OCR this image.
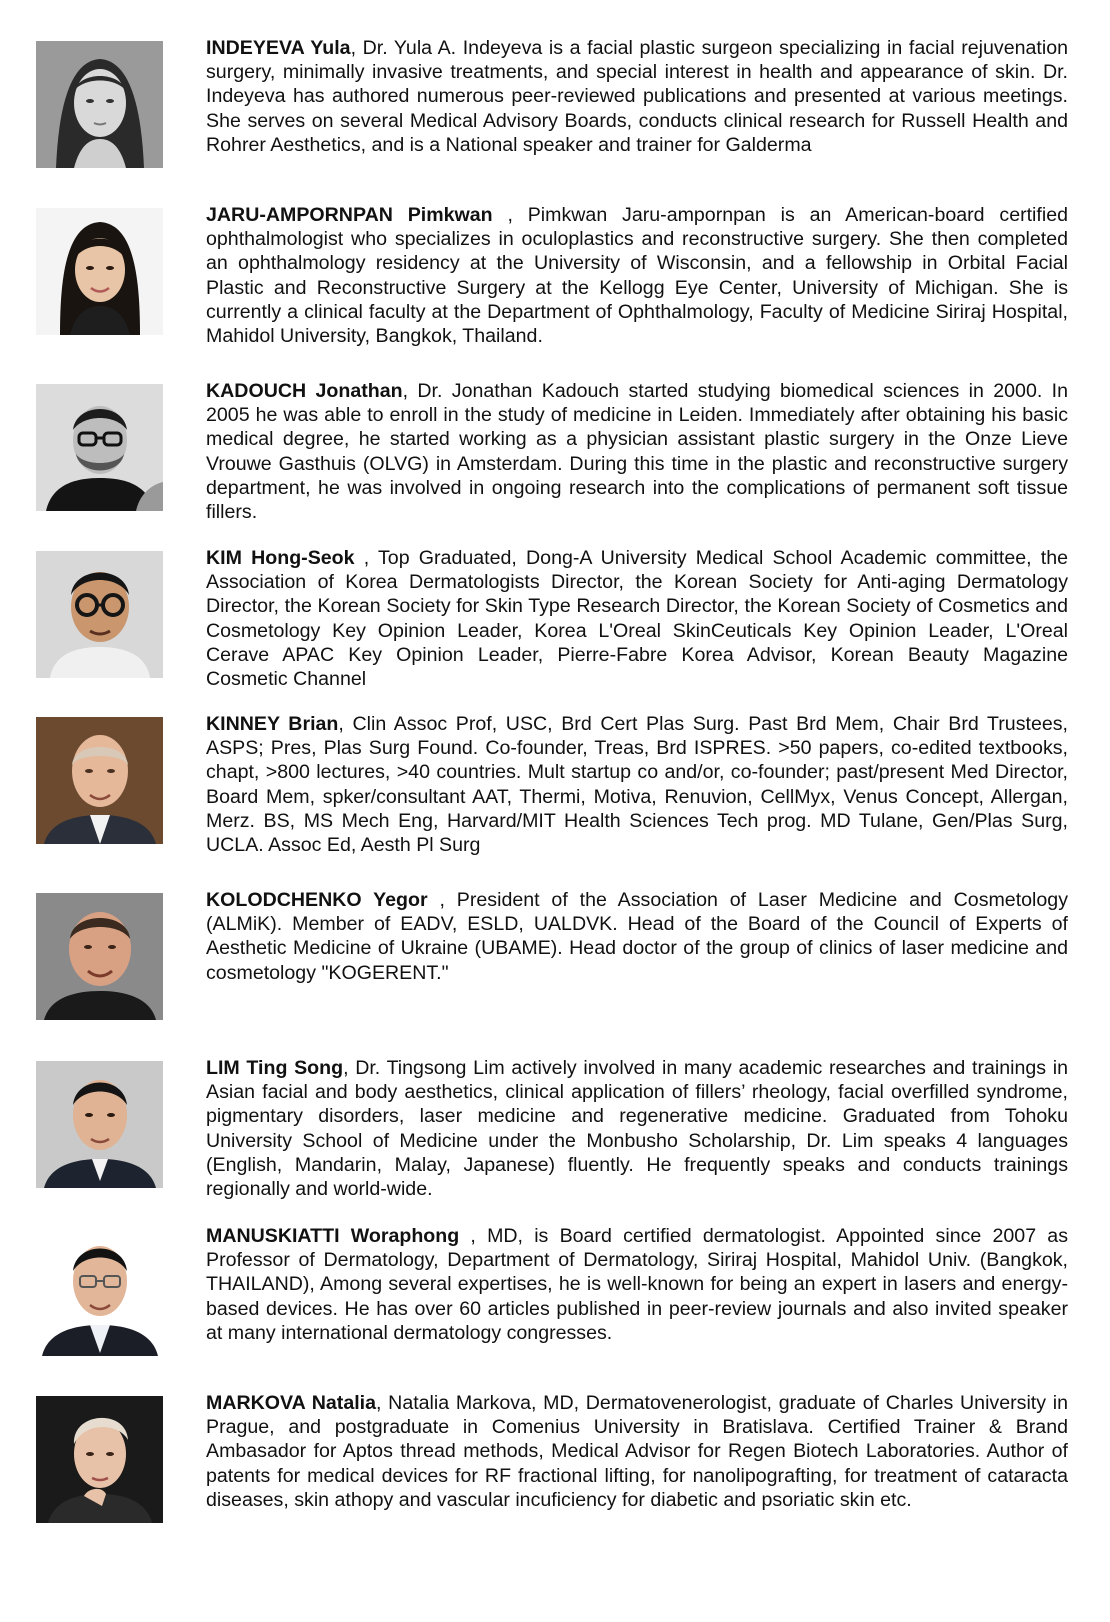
INDEYEVA Yula, Dr. Yula A. Indeyeva is a facial plastic surgeon specializing in facial rejuvenation surgery, minimally invasive treatments, and special interest in health and appearance of skin. Dr. Indeyeva has authored numerous peer-reviewed publications and presented at various meetings. She serves on several Medical Advisory Boards, conducts clinical research for Russell Health and Rohrer Aesthetics, and is a National speaker and trainer for Galderma

JARU-AMPORNPAN Pimkwan , Pimkwan Jaru-ampornpan is an American-board certified ophthalmologist who specializes in oculoplastics and reconstructive surgery. She then completed an ophthalmology residency at the University of Wisconsin, and a fellowship in Orbital Facial Plastic and Reconstructive Surgery at the Kellogg Eye Center, University of Michigan. She is currently a clinical faculty at the Department of Ophthalmology, Faculty of Medicine Siriraj Hospital, Mahidol University, Bangkok, Thailand.

KADOUCH Jonathan, Dr. Jonathan Kadouch started studying biomedical sciences in 2000. In 2005 he was able to enroll in the study of medicine in Leiden. Immediately after obtaining his basic medical degree, he started working as a physician assistant plastic surgery in the Onze Lieve Vrouwe Gasthuis (OLVG) in Amsterdam. During this time in the plastic and reconstructive surgery department, he was involved in ongoing research into the complications of permanent soft tissue fillers.

KIM Hong-Seok , Top Graduated, Dong-A University Medical School Academic committee, the Association of Korea Dermatologists Director, the Korean Society for Anti-aging Dermatology Director, the Korean Society for Skin Type Research Director, the Korean Society of Cosmetics and Cosmetology Key Opinion Leader, Korea L'Oreal SkinCeuticals Key Opinion Leader, L'Oreal Cerave APAC Key Opinion Leader, Pierre-Fabre Korea Advisor, Korean Beauty Magazine Cosmetic Channel

KINNEY Brian, Clin Assoc Prof, USC, Brd Cert Plas Surg. Past Brd Mem, Chair Brd Trustees, ASPS; Pres, Plas Surg Found. Co-founder, Treas, Brd ISPRES. >50 papers, co-edited textbooks, chapt, >800 lectures, >40 countries. Mult startup co and/or, co-founder; past/present Med Director, Board Mem, spker/consultant AAT, Thermi, Motiva, Renuvion, CellMyx, Venus Concept, Allergan, Merz. BS, MS Mech Eng, Harvard/MIT Health Sciences Tech prog. MD Tulane, Gen/Plas Surg, UCLA. Assoc Ed, Aesth Pl Surg

KOLODCHENKO Yegor , President of the Association of Laser Medicine and Cosmetology (ALMiK). Member of EADV, ESLD, UALDVK. Head of the Board of the Council of Experts of Aesthetic Medicine of Ukraine (UBAME). Head doctor of the group of clinics of laser medicine and cosmetology "KOGERENT."

LIM Ting Song, Dr. Tingsong Lim actively involved in many academic researches and trainings in Asian facial and body aesthetics, clinical application of fillers’ rheology, facial overfilled syndrome, pigmentary disorders, laser medicine and regenerative medicine. Graduated from Tohoku University School of Medicine under the Monbusho Scholarship, Dr. Lim speaks 4 languages (English, Mandarin, Malay, Japanese) fluently. He frequently speaks and conducts trainings regionally and world-wide.

MANUSKIATTI Woraphong , MD, is Board certified dermatologist. Appointed since 2007 as Professor of Dermatology, Department of Dermatology, Siriraj Hospital, Mahidol Univ. (Bangkok, THAILAND), Among several expertises, he is well-known for being an expert in lasers and energy-based devices. He has over 60 articles published in peer-review journals and also invited speaker at many international dermatology congresses.

MARKOVA Natalia, Natalia Markova, MD, Dermatovenerologist, graduate of Charles University in Prague, and postgraduate in Comenius University in Bratislava. Certified Trainer & Brand Ambasador for Aptos thread methods, Medical Advisor for Regen Biotech Laboratories. Author of patents for medical devices for RF fractional lifting, for nanolipografting, for treatment of cataracta diseases, skin athopy and vascular incuficiency for diabetic and psoriatic skin etc.
